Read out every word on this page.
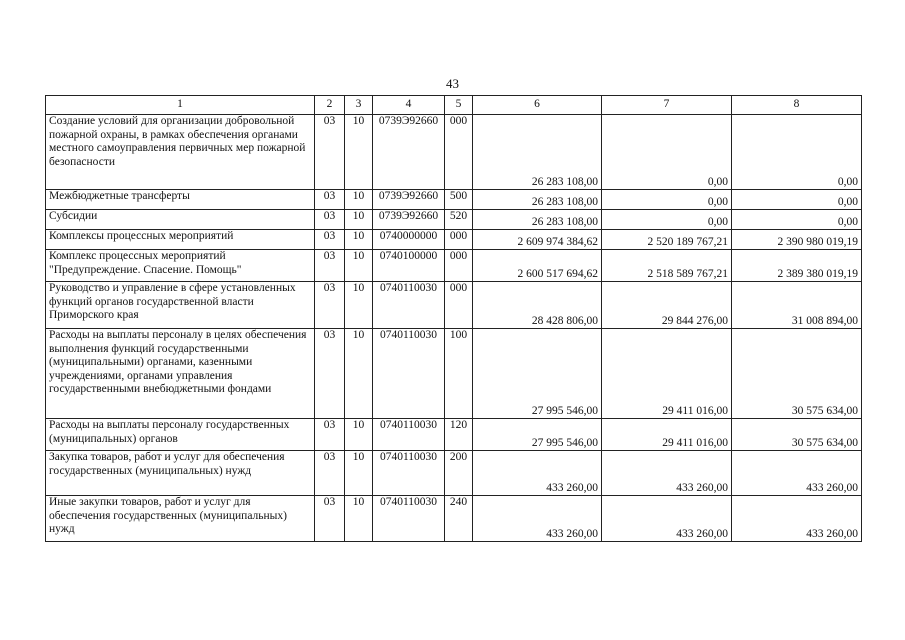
43
1	2	3	4	5	6	7	8
Создание условий для организации добровольной пожарной охраны, в рамках обеспечения органами местного самоуправления первичных мер пожарной безопасности	03	10	0739Э92660	000	26 283 108,00	0,00	0,00
Межбюджетные трансферты	03	10	0739Э92660	500	26 283 108,00	0,00	0,00
Субсидии	03	10	0739Э92660	520	26 283 108,00	0,00	0,00
Комплексы процессных мероприятий	03	10	0740000000	000	2 609 974 384,62	2 520 189 767,21	2 390 980 019,19
Комплекс процессных мероприятий "Предупреждение. Спасение. Помощь"	03	10	0740100000	000	2 600 517 694,62	2 518 589 767,21	2 389 380 019,19
Руководство и управление в сфере установленных функций органов государственной власти Приморского края	03	10	0740110030	000	28 428 806,00	29 844 276,00	31 008 894,00
Расходы на выплаты персоналу в целях обеспечения выполнения функций государственными (муниципальными) органами, казенными учреждениями, органами управления государственными внебюджетными фондами	03	10	0740110030	100	27 995 546,00	29 411 016,00	30 575 634,00
Расходы на выплаты персоналу государственных (муниципальных) органов	03	10	0740110030	120	27 995 546,00	29 411 016,00	30 575 634,00
Закупка товаров, работ и услуг для обеспечения государственных (муниципальных) нужд	03	10	0740110030	200	433 260,00	433 260,00	433 260,00
Иные закупки товаров, работ и услуг для обеспечения государственных (муниципальных) нужд	03	10	0740110030	240	433 260,00	433 260,00	433 260,00
